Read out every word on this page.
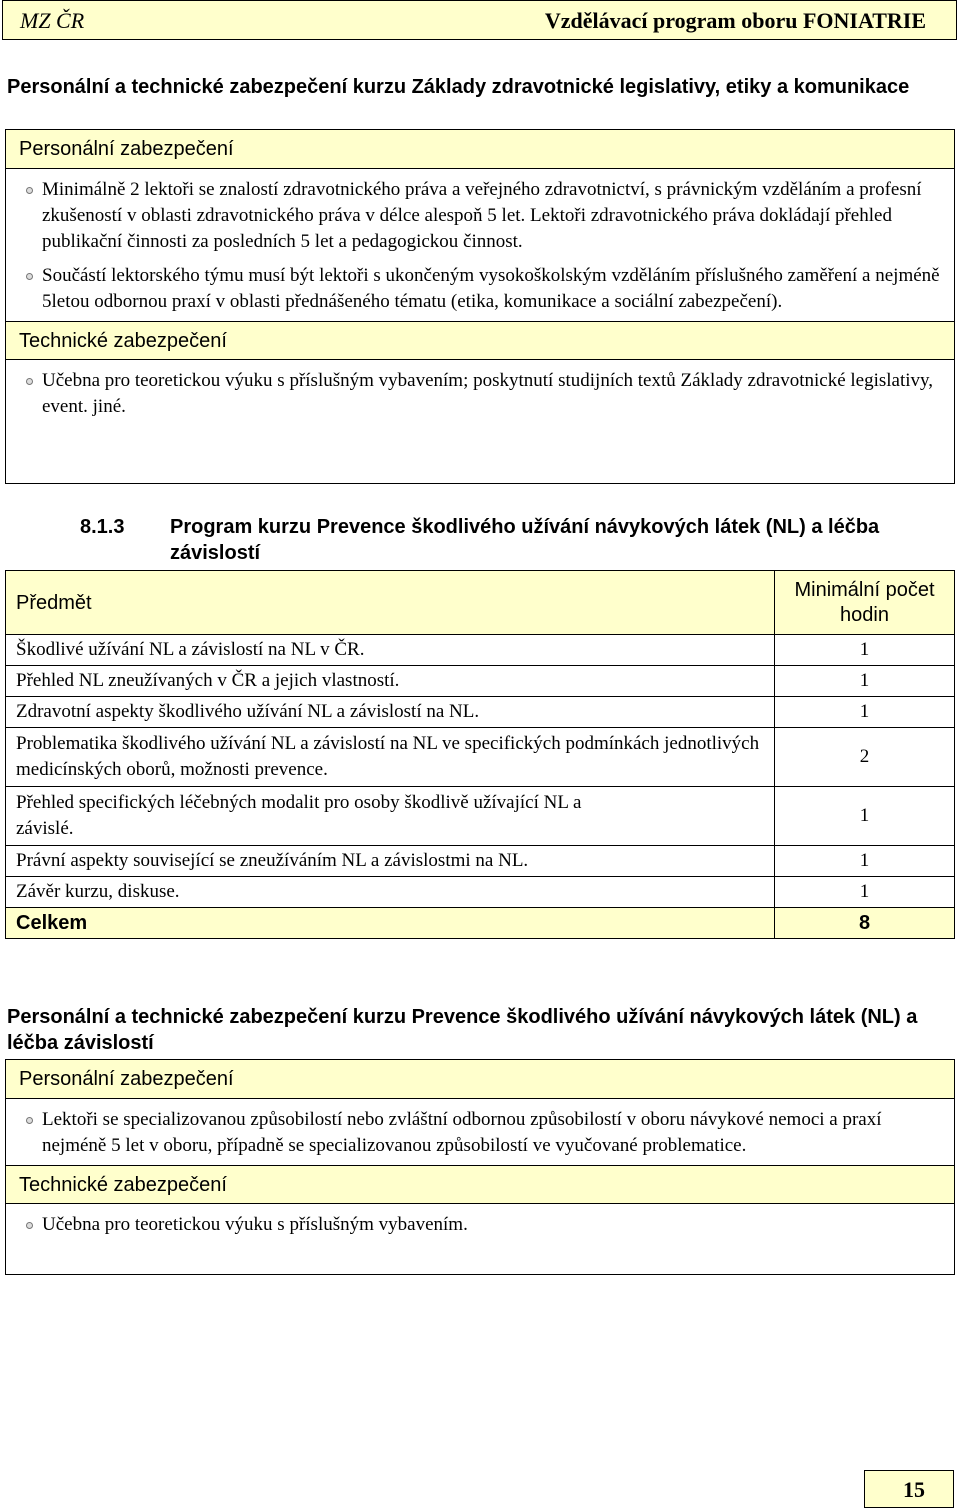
MZ ČR	Vzdělávací program oboru FONIATRIE
Personální a technické zabezpečení kurzu Základy zdravotnické legislativy, etiky a komunikace
Personální zabezpečení
Minimálně 2 lektoři se znalostí zdravotnického práva a veřejného zdravotnictví, s právnickým vzděláním a profesní zkušeností v oblasti zdravotnického práva v délce alespoň 5 let. Lektoři zdravotnického práva dokládají přehled publikační činnosti za posledních 5 let a pedagogickou činnost.
Součástí lektorského týmu musí být lektoři s ukončeným vysokoškolským vzděláním příslušného zaměření a nejméně 5letou odbornou praxí v oblasti přednášeného tématu (etika, komunikace a sociální zabezpečení).
Technické zabezpečení
Učebna pro teoretickou výuku s příslušným vybavením; poskytnutí studijních textů Základy zdravotnické legislativy, event. jiné.
8.1.3	Program kurzu Prevence škodlivého užívání návykových látek (NL) a léčba závislostí
Předmět	Minimální počet hodin
Škodlivé užívání NL a závislostí na NL v ČR.	1
Přehled NL zneužívaných v ČR a jejich vlastností.	1
Zdravotní aspekty škodlivého užívání NL a závislostí na NL.	1
Problematika škodlivého užívání NL a závislostí na NL ve specifických podmínkách jednotlivých medicínských oborů, možnosti prevence.	2
Přehled specifických léčebných modalit pro osoby škodlivě užívající NL a závislé.	1
Právní aspekty související se zneužíváním NL a závislostmi na NL.	1
Závěr kurzu, diskuse.	1
Celkem	8
Personální a technické zabezpečení kurzu Prevence škodlivého užívání návykových látek (NL) a léčba závislostí
Personální zabezpečení
Lektoři se specializovanou způsobilostí nebo zvláštní odbornou způsobilostí v oboru návykové nemoci a praxí nejméně 5 let v oboru, případně se specializovanou způsobilostí ve vyučované problematice.
Technické zabezpečení
Učebna pro teoretickou výuku s příslušným vybavením.
15
